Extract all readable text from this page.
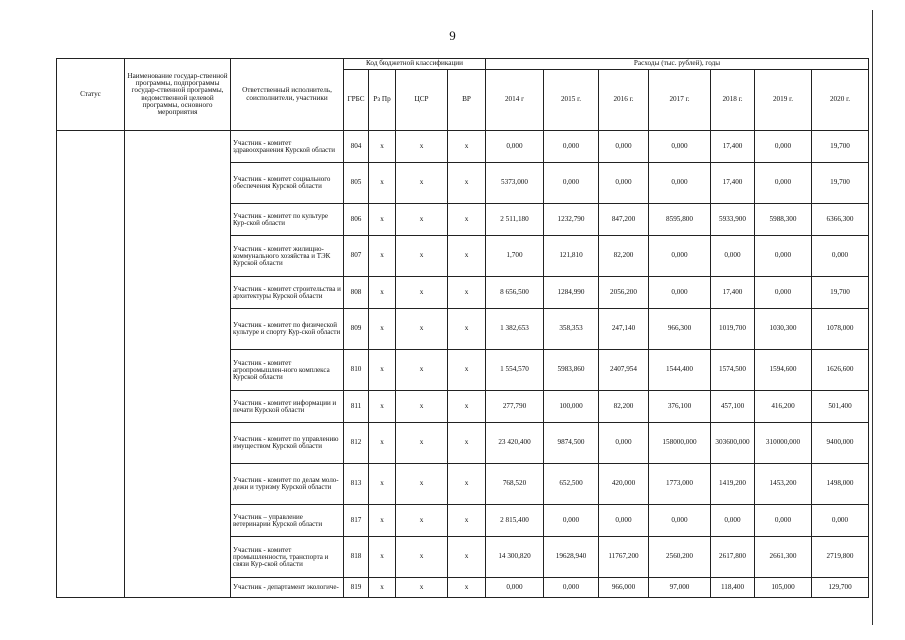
9
Статус	Наименование государ-ственной программы, подпрограммы государ-ственной программы, ведомственной целевой программы, основного мероприятия	Ответственный исполнитель, соисполнители, участники	Код бюджетной классификации				Расходы (тыс. рублей), годы						
			ГРБС	Рз Пр	ЦСР	ВР	2014 г	2015 г.	2016 г.	2017 г.	2018 г.	2019 г.	2020 г.
		Участник - комитет здравоохранения Курской области	804	х	х	х	0,000	0,000	0,000	0,000	17,400	0,000	19,700
		Участник - комитет социального обеспечения Курской области	805	х	х	х	5373,000	0,000	0,000	0,000	17,400	0,000	19,700
		Участник - комитет по культуре Кур-ской области	806	х	х	х	2 511,180	1232,790	847,200	8595,800	5933,900	5988,300	6366,300
		Участник - комитет жилищно-коммунального хозяйства и ТЭК Курской области	807	х	х	х	1,700	121,810	82,200	0,000	0,000	0,000	0,000
		Участник - комитет строительства и архитектуры Курской области	808	х	х	х	8 656,500	1284,990	2056,200	0,000	17,400	0,000	19,700
		Участник - комитет по физической культуре и спорту Кур-ской области	809	х	х	х	1 382,653	358,353	247,140	966,300	1019,700	1030,300	1078,000
		Участник - комитет агропромышлен-ного комплекса Курской области	810	х	х	х	1 554,570	5983,860	2407,954	1544,400	1574,500	1594,600	1626,600
		Участник - комитет информации и печати Курской области	811	х	х	х	277,790	100,000	82,200	376,100	457,100	416,200	501,400
		Участник - комитет по управлению имуществом Курской области	812	х	х	х	23 420,400	9874,500	0,000	158000,000	303600,000	310000,000	9400,000
		Участник - комитет по делам моло-дежи и туризму Курской области	813	х	х	х	768,520	652,500	420,000	1773,000	1419,200	1453,200	1498,000
		Участник – управление ветеринарии Курской области	817	х	х	х	2 815,400	0,000	0,000	0,000	0,000	0,000	0,000
		Участник - комитет промышленности, транспорта и связи Кур-ской области	818	х	х	х	14 300,820	19628,940	11767,200	2560,200	2617,800	2661,300	2719,800
		Участник - департамент экологиче-	819	х	х	х	0,000	0,000	966,000	97,000	118,400	105,000	129,700
